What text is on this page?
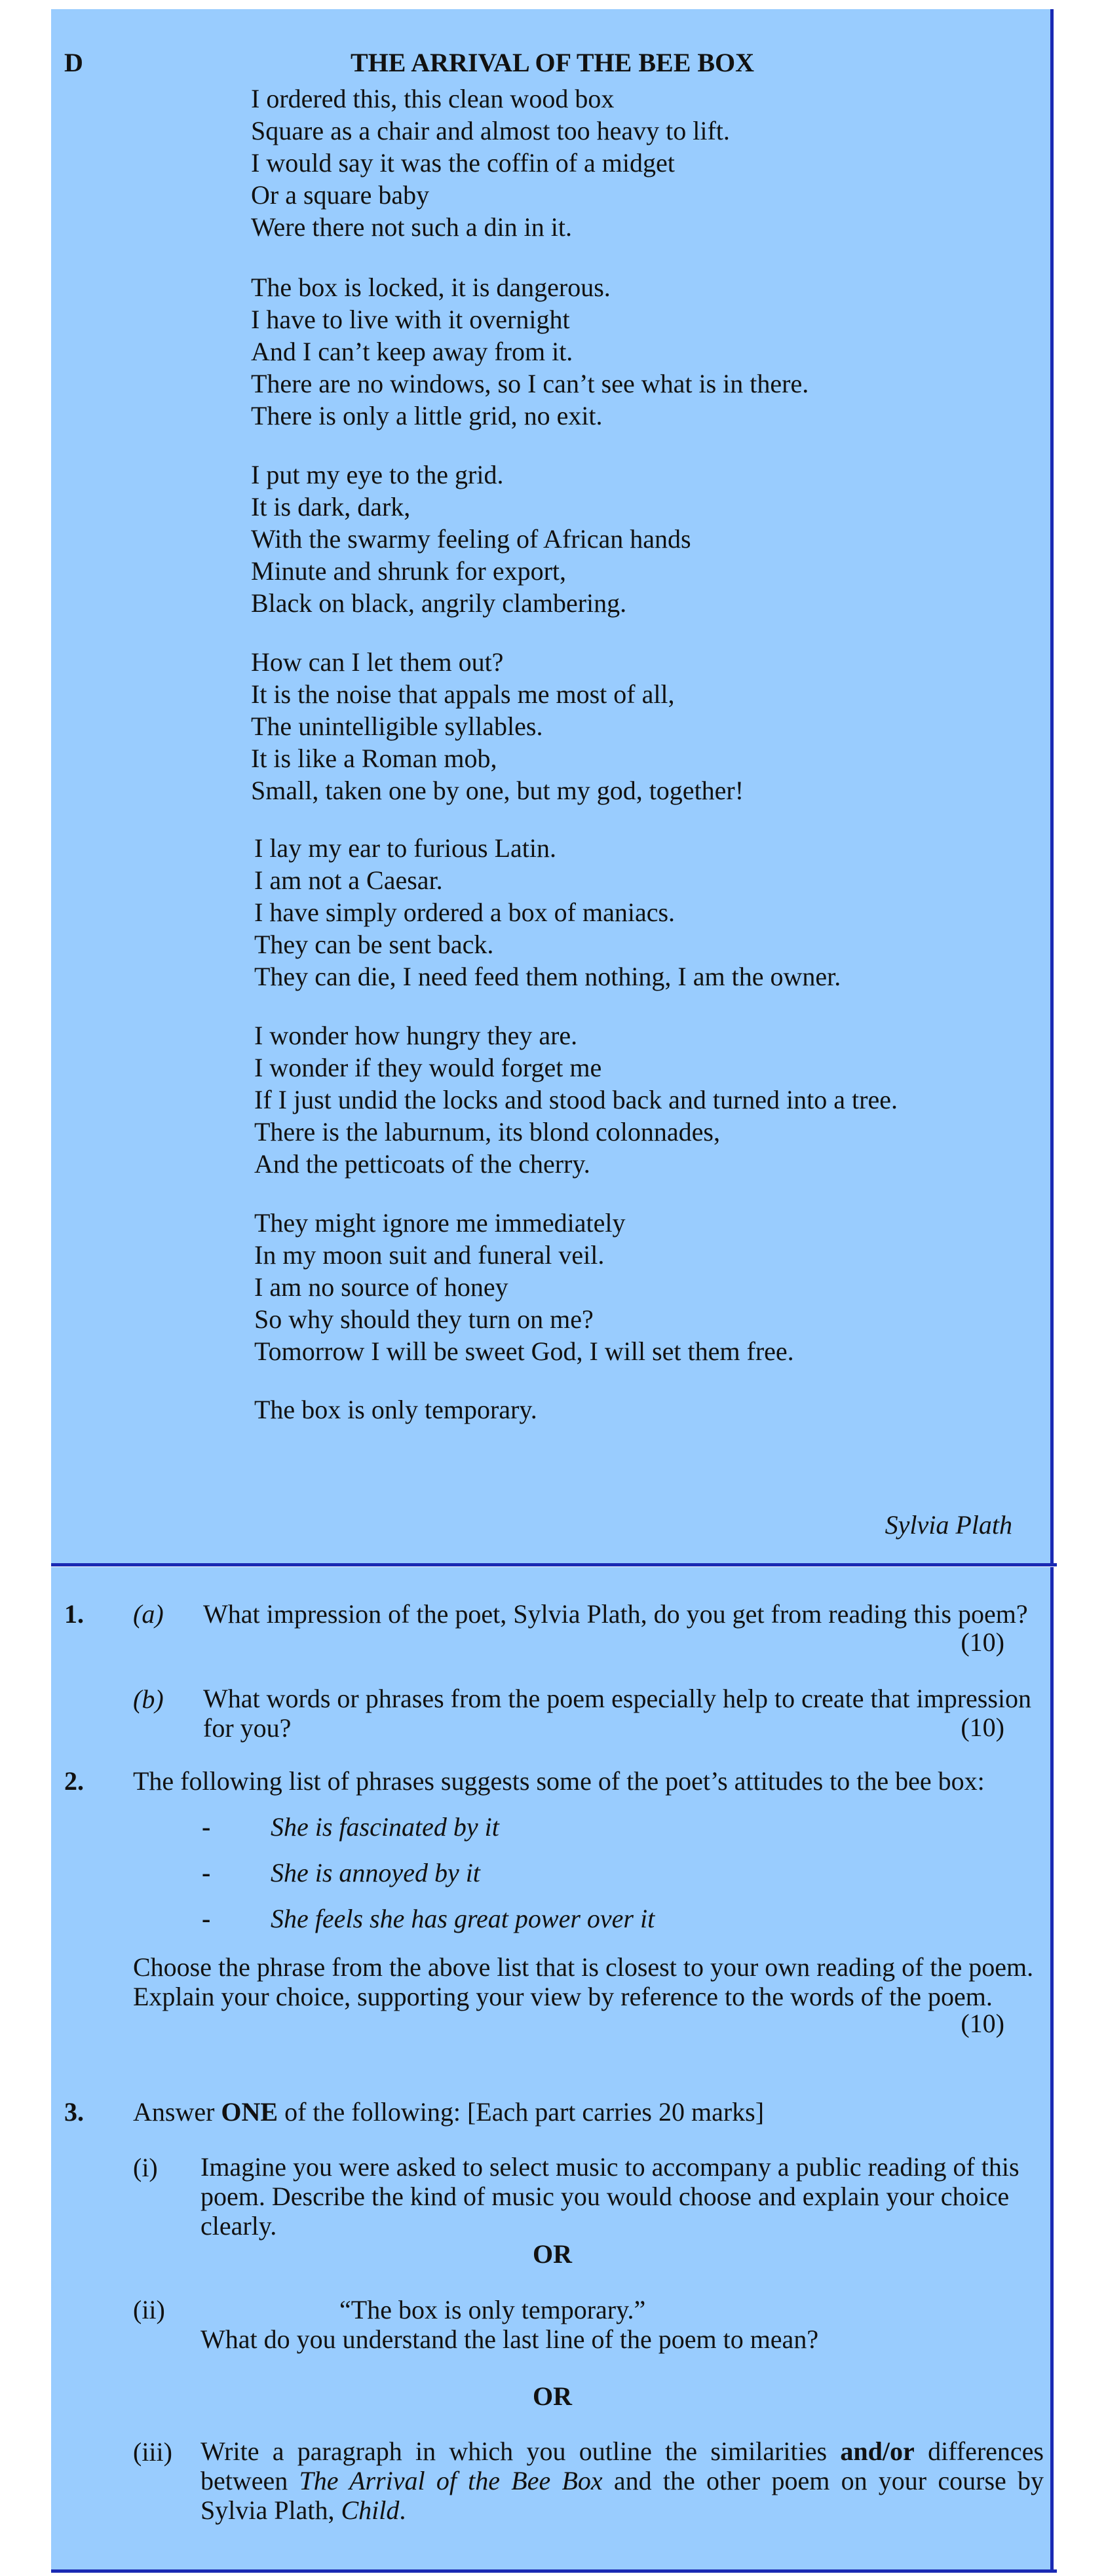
D	THE ARRIVAL OF THE BEE BOX
I ordered this, this clean wood box
Square as a chair and almost too heavy to lift.
I would say it was the coffin of a midget
Or a square baby
Were there not such a din in it.
The box is locked, it is dangerous.
I have to live with it overnight
And I can’t keep away from it.
There are no windows, so I can’t see what is in there.
There is only a little grid, no exit.
I put my eye to the grid.
It is dark, dark,
With the swarmy feeling of African hands
Minute and shrunk for export,
Black on black, angrily clambering.
How can I let them out?
It is the noise that appals me most of all,
The unintelligible syllables.
It is like a Roman mob,
Small, taken one by one, but my god, together!
I lay my ear to furious Latin.
I am not a Caesar.
I have simply ordered a box of maniacs.
They can be sent back.
They can die, I need feed them nothing, I am the owner.
I wonder how hungry they are.
I wonder if they would forget me
If I just undid the locks and stood back and turned into a tree.
There is the laburnum, its blond colonnades,
And the petticoats of the cherry.
They might ignore me immediately
In my moon suit and funeral veil.
I am no source of honey
So why should they turn on me?
Tomorrow I will be sweet God, I will set them free.
The box is only temporary.
Sylvia Plath
1. (a) What impression of the poet, Sylvia Plath, do you get from reading this poem?
(10)
(b) What words or phrases from the poem especially help to create that impression
for you?	(10)
2. The following list of phrases suggests some of the poet’s attitudes to the bee box:
- She is fascinated by it
- She is annoyed by it
- She feels she has great power over it
Choose the phrase from the above list that is closest to your own reading of the poem.
Explain your choice, supporting your view by reference to the words of the poem.
(10)
3. Answer ONE of the following: [Each part carries 20 marks]
(i) Imagine you were asked to select music to accompany a public reading of this
poem. Describe the kind of music you would choose and explain your choice
clearly.
OR
(ii)	“The box is only temporary.”
What do you understand the last line of the poem to mean?
OR
(iii) Write a paragraph in which you outline the similarities and/or differences between The Arrival of the Bee Box and the other poem on your course by Sylvia Plath, Child.
